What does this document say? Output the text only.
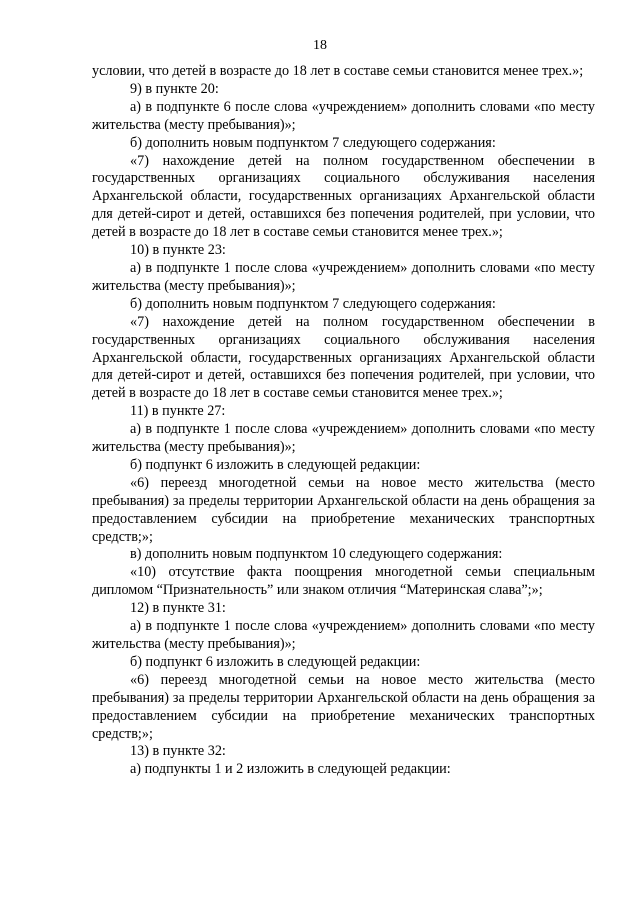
18

условии, что детей в возрасте до 18 лет в составе семьи становится менее трех.»;

9) в пункте 20:

а) в подпункте 6 после слова «учреждением» дополнить словами «по месту жительства (месту пребывания)»;

б) дополнить новым подпунктом 7 следующего содержания:

«7) нахождение детей на полном государственном обеспечении в государственных организациях социального обслуживания населения Архангельской области, государственных организациях Архангельской области для детей-сирот и детей, оставшихся без попечения родителей, при условии, что детей в возрасте до 18 лет в составе семьи становится менее трех.»;

10) в пункте 23:

а) в подпункте 1 после слова «учреждением» дополнить словами «по месту жительства (месту пребывания)»;

б) дополнить новым подпунктом 7 следующего содержания:

«7) нахождение детей на полном государственном обеспечении в государственных организациях социального обслуживания населения Архангельской области, государственных организациях Архангельской области для детей-сирот и детей, оставшихся без попечения родителей, при условии, что детей в возрасте до 18 лет в составе семьи становится менее трех.»;

11) в пункте 27:

а) в подпункте 1 после слова «учреждением» дополнить словами «по месту жительства (месту пребывания)»;

б) подпункт 6 изложить в следующей редакции:

«6) переезд многодетной семьи на новое место жительства (место пребывания) за пределы территории Архангельской области на день обращения за предоставлением субсидии на приобретение механических транспортных средств;»;

в) дополнить новым подпунктом 10 следующего содержания:

«10) отсутствие факта поощрения многодетной семьи специальным дипломом “Признательность” или знаком отличия “Материнская слава”;»;

12) в пункте 31:

а) в подпункте 1 после слова «учреждением» дополнить словами «по месту жительства (месту пребывания)»;

б) подпункт 6 изложить в следующей редакции:

«6) переезд многодетной семьи на новое место жительства (место пребывания) за пределы территории Архангельской области на день обращения за предоставлением субсидии на приобретение механических транспортных средств;»;

13) в пункте 32:

а) подпункты 1 и 2 изложить в следующей редакции:
